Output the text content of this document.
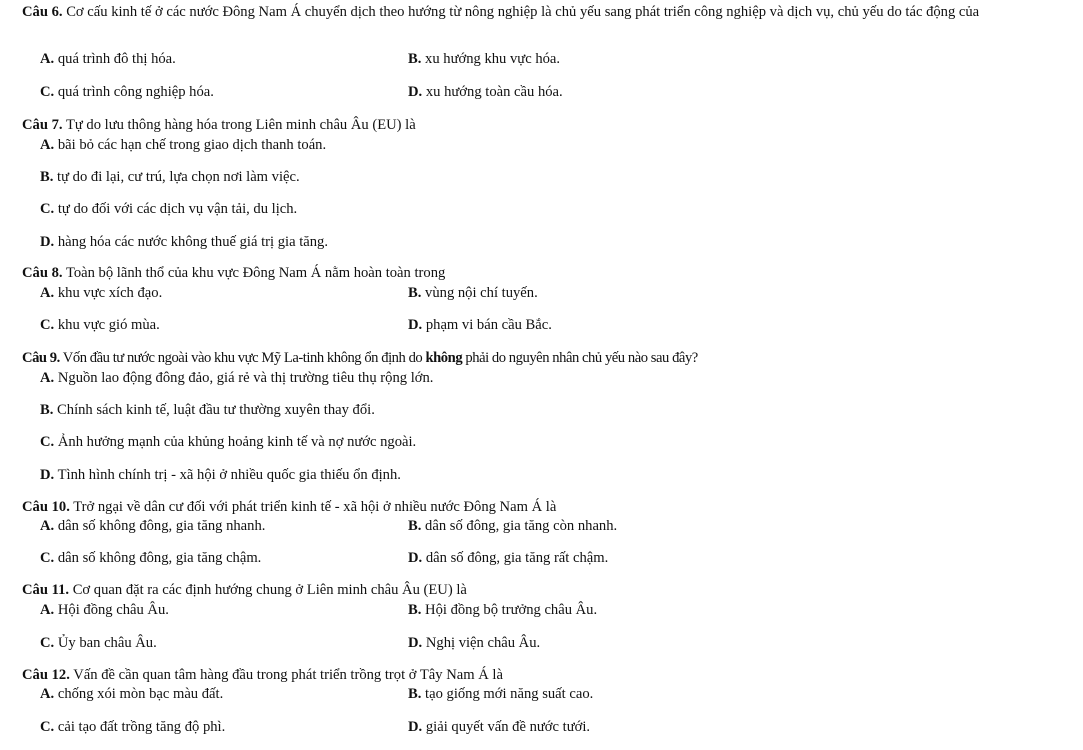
Câu 6. Cơ cấu kinh tế ở các nước Đông Nam Á chuyển dịch theo hướng từ nông nghiệp là chủ yếu sang phát triển công nghiệp và dịch vụ, chủ yếu do tác động của
A. quá trình đô thị hóa.	B. xu hướng khu vực hóa.
C. quá trình công nghiệp hóa.	D. xu hướng toàn cầu hóa.
Câu 7. Tự do lưu thông hàng hóa trong Liên minh châu Âu (EU) là
A. bãi bỏ các hạn chế trong giao dịch thanh toán.
B. tự do đi lại, cư trú, lựa chọn nơi làm việc.
C. tự do đối với các dịch vụ vận tải, du lịch.
D. hàng hóa các nước không thuế giá trị gia tăng.
Câu 8. Toàn bộ lãnh thổ của khu vực Đông Nam Á nằm hoàn toàn trong
A. khu vực xích đạo.	B. vùng nội chí tuyến.
C. khu vực gió mùa.	D. phạm vi bán cầu Bắc.
Câu 9. Vốn đầu tư nước ngoài vào khu vực Mỹ La-tinh không ổn định do không phải do nguyên nhân chủ yếu nào sau đây?
A. Nguồn lao động đông đảo, giá rẻ và thị trường tiêu thụ rộng lớn.
B. Chính sách kinh tế, luật đầu tư thường xuyên thay đổi.
C. Ảnh hưởng mạnh của khủng hoảng kinh tế và nợ nước ngoài.
D. Tình hình chính trị - xã hội ở nhiều quốc gia thiếu ổn định.
Câu 10. Trở ngại về dân cư đối với phát triển kinh tế - xã hội ở nhiều nước Đông Nam Á là
A. dân số không đông, gia tăng nhanh.	B. dân số đông, gia tăng còn nhanh.
C. dân số không đông, gia tăng chậm.	D. dân số đông, gia tăng rất chậm.
Câu 11. Cơ quan đặt ra các định hướng chung ở Liên minh châu Âu (EU) là
A. Hội đồng châu Âu.	B. Hội đồng bộ trưởng châu Âu.
C. Ủy ban châu Âu.	D. Nghị viện châu Âu.
Câu 12. Vấn đề cần quan tâm hàng đầu trong phát triển trồng trọt ở Tây Nam Á là
A. chống xói mòn bạc màu đất.	B. tạo giống mới năng suất cao.
C. cải tạo đất trồng tăng độ phì.	D. giải quyết vấn đề nước tưới.
